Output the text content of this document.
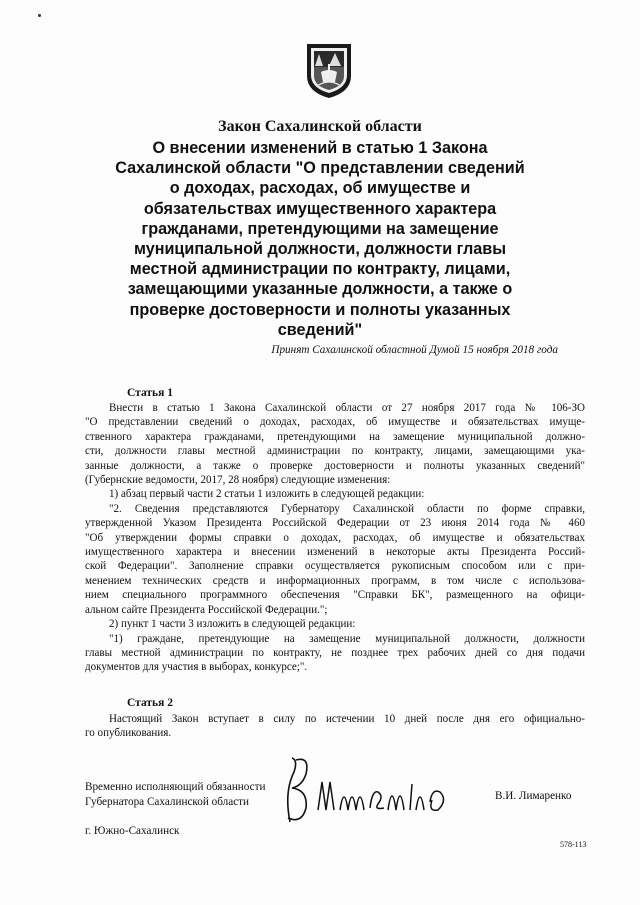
Закон Сахалинской области
О внесении изменений в статью 1 Закона
Сахалинской области "О представлении сведений
о доходах, расходах, об имуществе и
обязательствах имущественного характера
гражданами, претендующими на замещение
муниципальной должности, должности главы
местной администрации по контракту, лицами,
замещающими указанные должности, а также о
проверке достоверности и полноты указанных
сведений"
Принят Сахалинской областной Думой 15 ноября 2018 года
Статья 1
Внести в статью 1 Закона Сахалинской области от 27 ноября 2017 года № 106-ЗО
"О представлении сведений о доходах, расходах, об имуществе и обязательствах имуще-
ственного характера гражданами, претендующими на замещение муниципальной должно-
сти, должности главы местной администрации по контракту, лицами, замещающими ука-
занные должности, а также о проверке достоверности и полноты указанных сведений"
(Губернские ведомости, 2017, 28 ноября) следующие изменения:
1) абзац первый части 2 статьи 1 изложить в следующей редакции:
"2. Сведения представляются Губернатору Сахалинской области по форме справки,
утвержденной Указом Президента Российской Федерации от 23 июня 2014 года № 460
"Об утверждении формы справки о доходах, расходах, об имуществе и обязательствах
имущественного характера и внесении изменений в некоторые акты Президента Россий-
ской Федерации". Заполнение справки осуществляется рукописным способом или с при-
менением технических средств и информационных программ, в том числе с использова-
нием специального программного обеспечения "Справки БК", размещенного на офици-
альном сайте Президента Российской Федерации.";
2) пункт 1 части 3 изложить в следующей редакции:
"1) граждане, претендующие на замещение муниципальной должности, должности
главы местной администрации по контракту, не позднее трех рабочих дней со дня подачи
документов для участия в выборах, конкурсе;".
Статья 2
Настоящий Закон вступает в силу по истечении 10 дней после дня его официально-
го опубликования.
Временно исполняющий обязанности
Губернатора Сахалинской области	В.И. Лимаренко
г. Южно-Сахалинск
578-113
